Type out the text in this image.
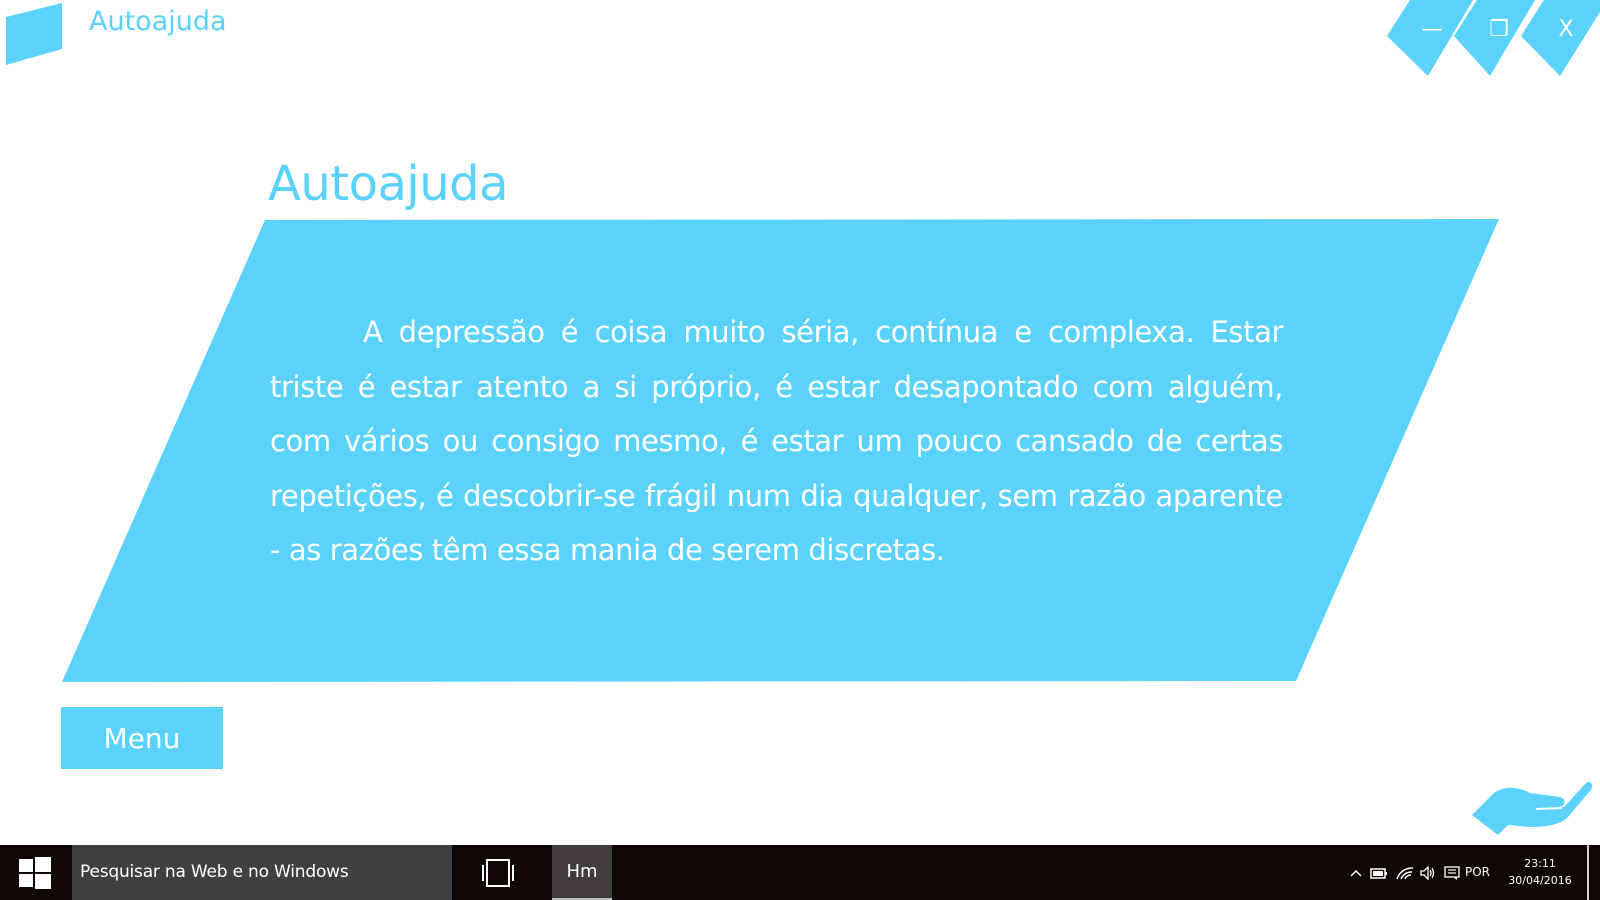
Humort Autoajuda	—	❐	X
Autoajuda
A depressão é coisa muito séria, contínua e complexa. Estar triste é estar atento a si próprio, é estar desapontado com alguém, com vários ou consigo mesmo, é estar um pouco cansado de certas repetições, é descobrir-se frágil num dia qualquer, sem razão aparente - as razões têm essa mania de serem discretas.
Menu
Pesquisar na Web e no Windows	Hm	POR
23:11
30/04/2016
